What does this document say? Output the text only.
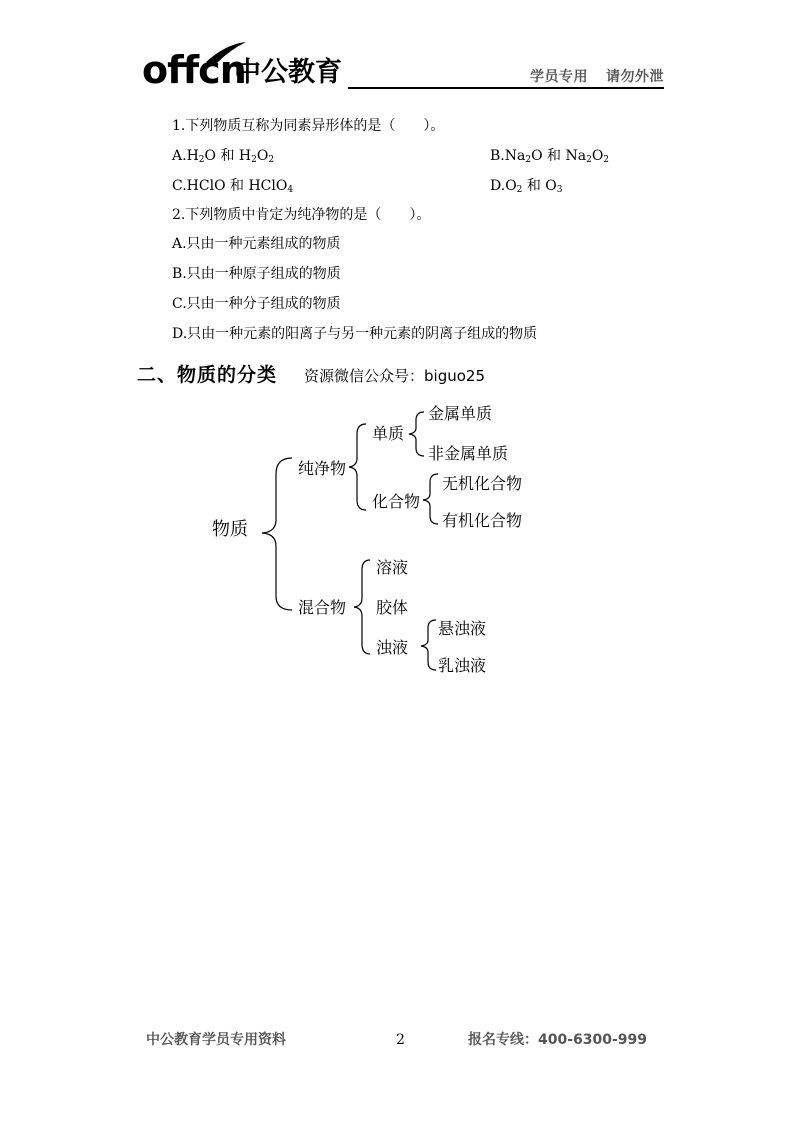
offcn
中公教育	学员专用 请勿外泄
1.下列物质互称为同素异形体的是（　　）。
$A.H_2O$ 和 $H_2O_2$	$B.Na_2O$ 和 $Na_2O_2$
C.HClO 和 HClO$_4$	$D.O_2$ 和 $O_3$
2.下列物质中肯定为纯净物的是（　　）。
A.只由一种元素组成的物质
B.只由一种原子组成的物质
C.只由一种分子组成的物质
D.只由一种元素的阳离子与另一种元素的阴离子组成的物质
二、物质的分类 资源微信公众号：biguo25
物质
纯净物
混合物
单质
化合物
金属单质
非金属单质
无机化合物
有机化合物
溶液
胶体
浊液
悬浊液
乳浊液
中公教育学员专用资料	2	报名专线：400-6300-999
